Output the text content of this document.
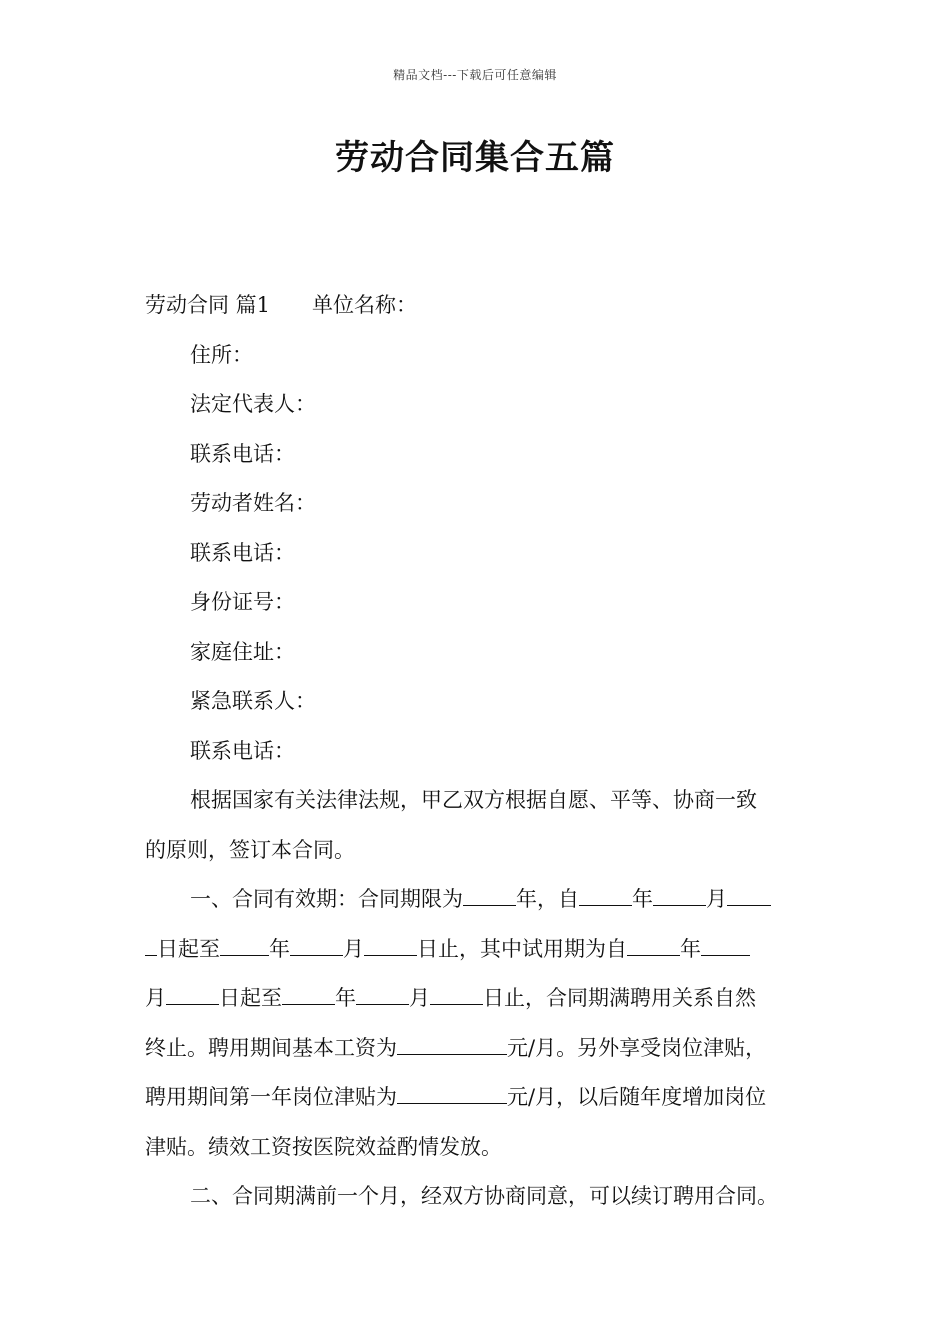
精品文档---下载后可任意编辑
劳动合同集合五篇
劳动合同 篇1 单位名称：
住所：
法定代表人：
联系电话：
劳动者姓名：
联系电话：
身份证号：
家庭住址：
紧急联系人：
联系电话：
根据国家有关法律法规，甲乙双方根据自愿、平等、协商一致
的原则，签订本合同。
一、合同有效期：合同期限为	年，自	年	月
日起至 年	月	日止，其中试用期为自	年
月	日起至	年	月	日止，合同期满聘用关系自然
终止。聘用期间基本工资为	元/月。另外享受岗位津贴，
聘用期间第一年岗位津贴为	元/月，以后随年度增加岗位
津贴。绩效工资按医院效益酌情发放。
二、合同期满前一个月，经双方协商同意，可以续订聘用合同。
